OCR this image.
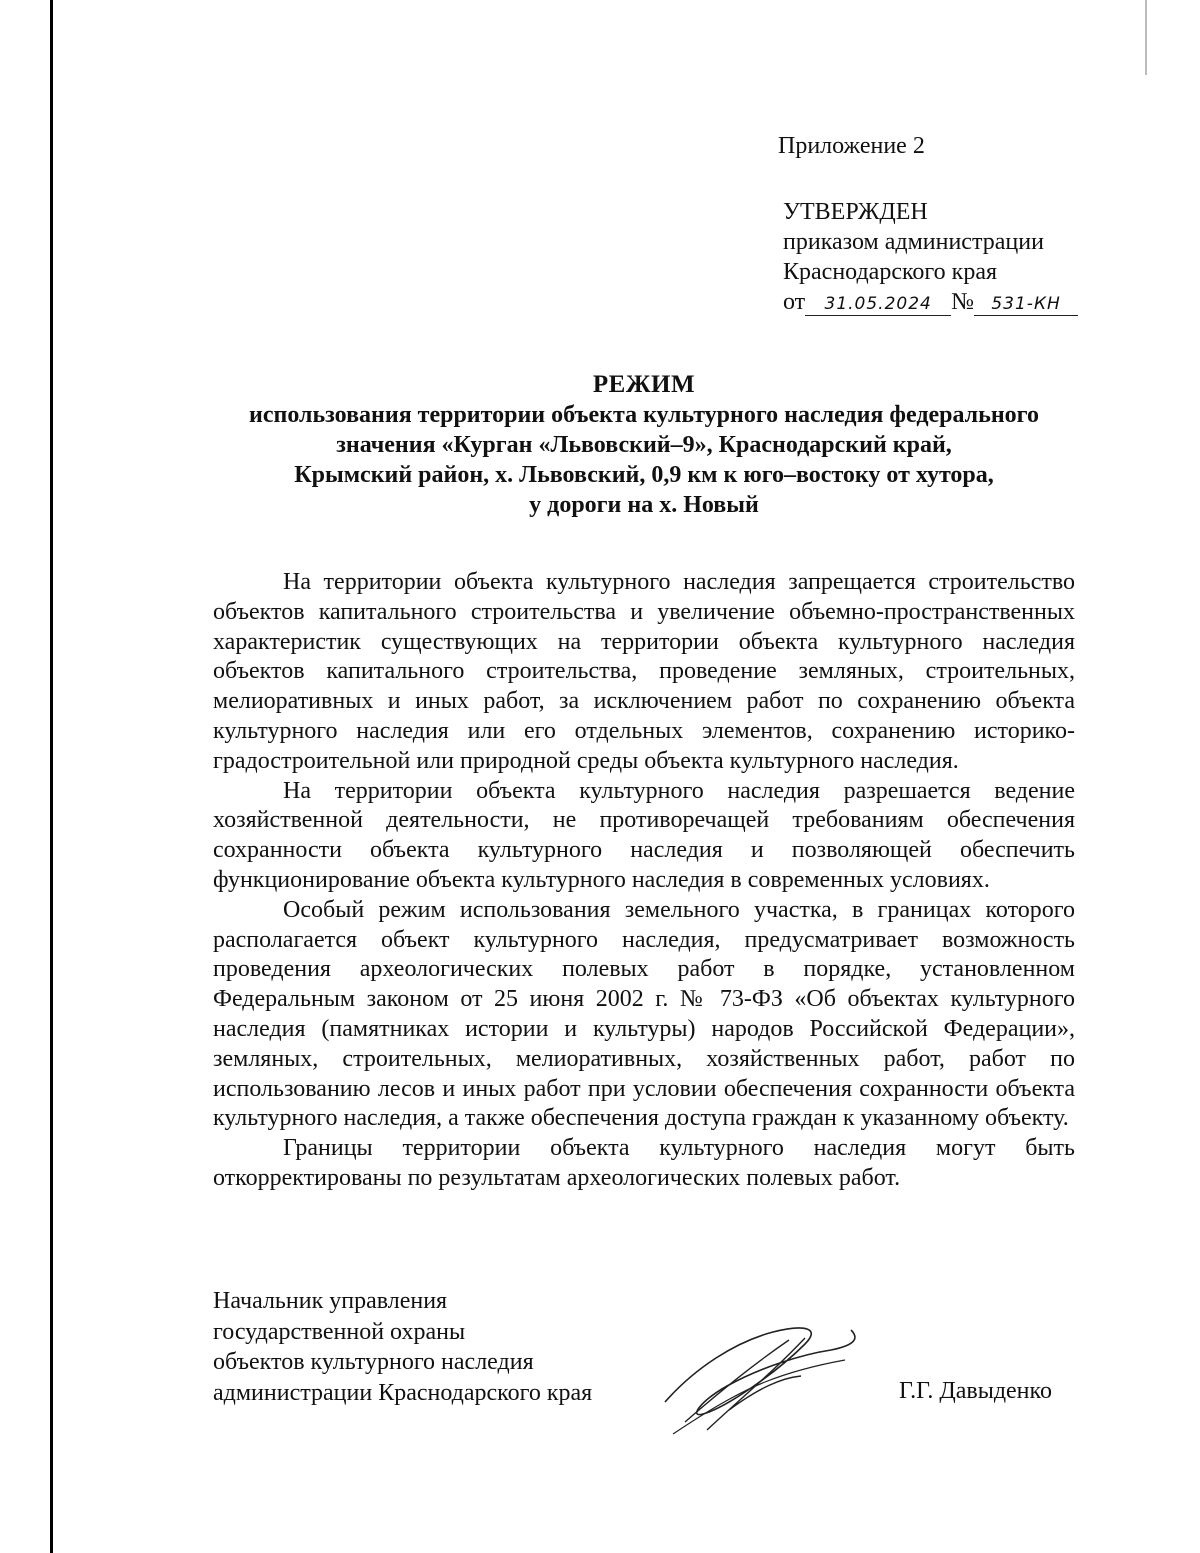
Приложение 2
УТВЕРЖДЕН
приказом администрации
Краснодарского края
от 31.05.2024 № 531-КН
РЕЖИМ
использования территории объекта культурного наследия федерального
значения «Курган «Львовский–9», Краснодарский край,
Крымский район, х. Львовский, 0,9 км к юго–востоку от хутора,
у дороги на х. Новый

На территории объекта культурного наследия запрещается строительство объектов капитального строительства и увеличение объемно-пространственных характеристик существующих на территории объекта культурного наследия объектов капитального строительства, проведение земляных, строительных, мелиоративных и иных работ, за исключением работ по сохранению объекта культурного наследия или его отдельных элементов, сохранению историко-градостроительной или природной среды объекта культурного наследия.

На территории объекта культурного наследия разрешается ведение хозяйственной деятельности, не противоречащей требованиям обеспечения сохранности объекта культурного наследия и позволяющей обеспечить функционирование объекта культурного наследия в современных условиях.

Особый режим использования земельного участка, в границах которого располагается объект культурного наследия, предусматривает возможность проведения археологических полевых работ в порядке, установленном Федеральным законом от 25 июня 2002 г. № 73-ФЗ «Об объектах культурного наследия (памятниках истории и культуры) народов Российской Федерации», земляных, строительных, мелиоративных, хозяйственных работ, работ по использованию лесов и иных работ при условии обеспечения сохранности объекта культурного наследия, а также обеспечения доступа граждан к указанному объекту.

Границы территории объекта культурного наследия могут быть откорректированы по результатам археологических полевых работ.

Начальник управления
государственной охраны
объектов культурного наследия
администрации Краснодарского края	Г.Г. Давыденко
